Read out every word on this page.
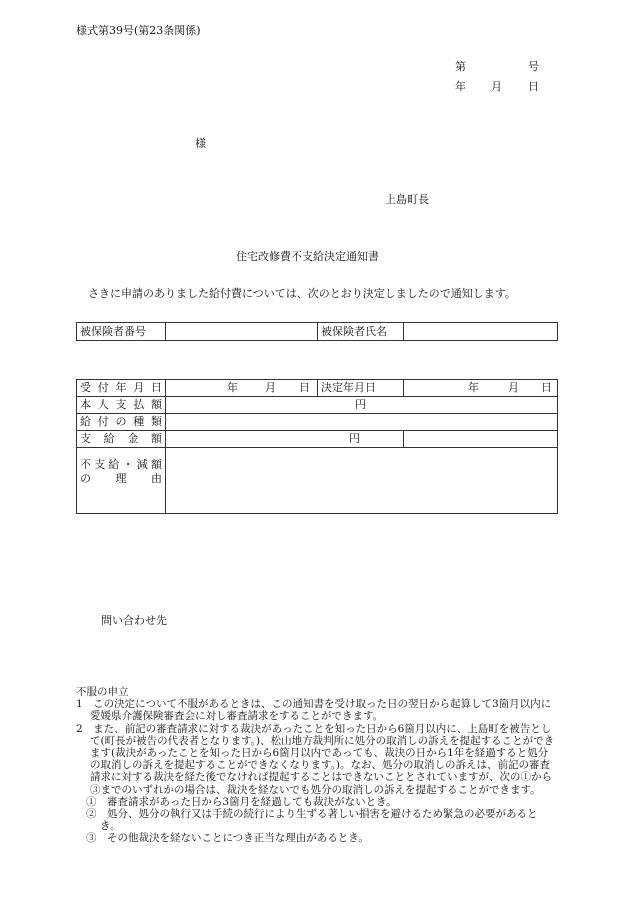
様式第39号(第23条関係)
第	号
年 月 日
様
上島町長
住宅改修費不支給決定通知書
さきに申請のありました給付費については、次のとおり決定しましたので通知します。
被保険者番号		被保険者氏名	
受付年月日	年 月 日	決定年月日	年 月 日

本人支払額	円		

給付の種類			
支給金額	円		

不支給・減額
の 理 由			

問い合わせ先

不服の申立

1　この決定について不服があるときは、この通知書を受け取った日の翌日から起算して3箇月以内に愛媛県介護保険審査会に対し審査請求をすることができます。

2　また、前記の審査請求に対する裁決があったことを知った日から6箇月以内に、上島町を被告として(町長が被告の代表者となります。)、松山地方裁判所に処分の取消しの訴えを提起することができます(裁決があったことを知った日から6箇月以内であっても、裁決の日から1年を経過すると処分の取消しの訴えを提起することができなくなります。)。なお、処分の取消しの訴えは、前記の審査請求に対する裁決を経た後でなければ提起することはできないこととされていますが、次の①から③までのいずれかの場合は、裁決を経ないでも処分の取消しの訴えを提起することができます。

①　審査請求があった日から3箇月を経過しても裁決がないとき。

②　処分、処分の執行又は手続の続行により生ずる著しい損害を避けるため緊急の必要があるとき。

③　その他裁決を経ないことにつき正当な理由があるとき。
